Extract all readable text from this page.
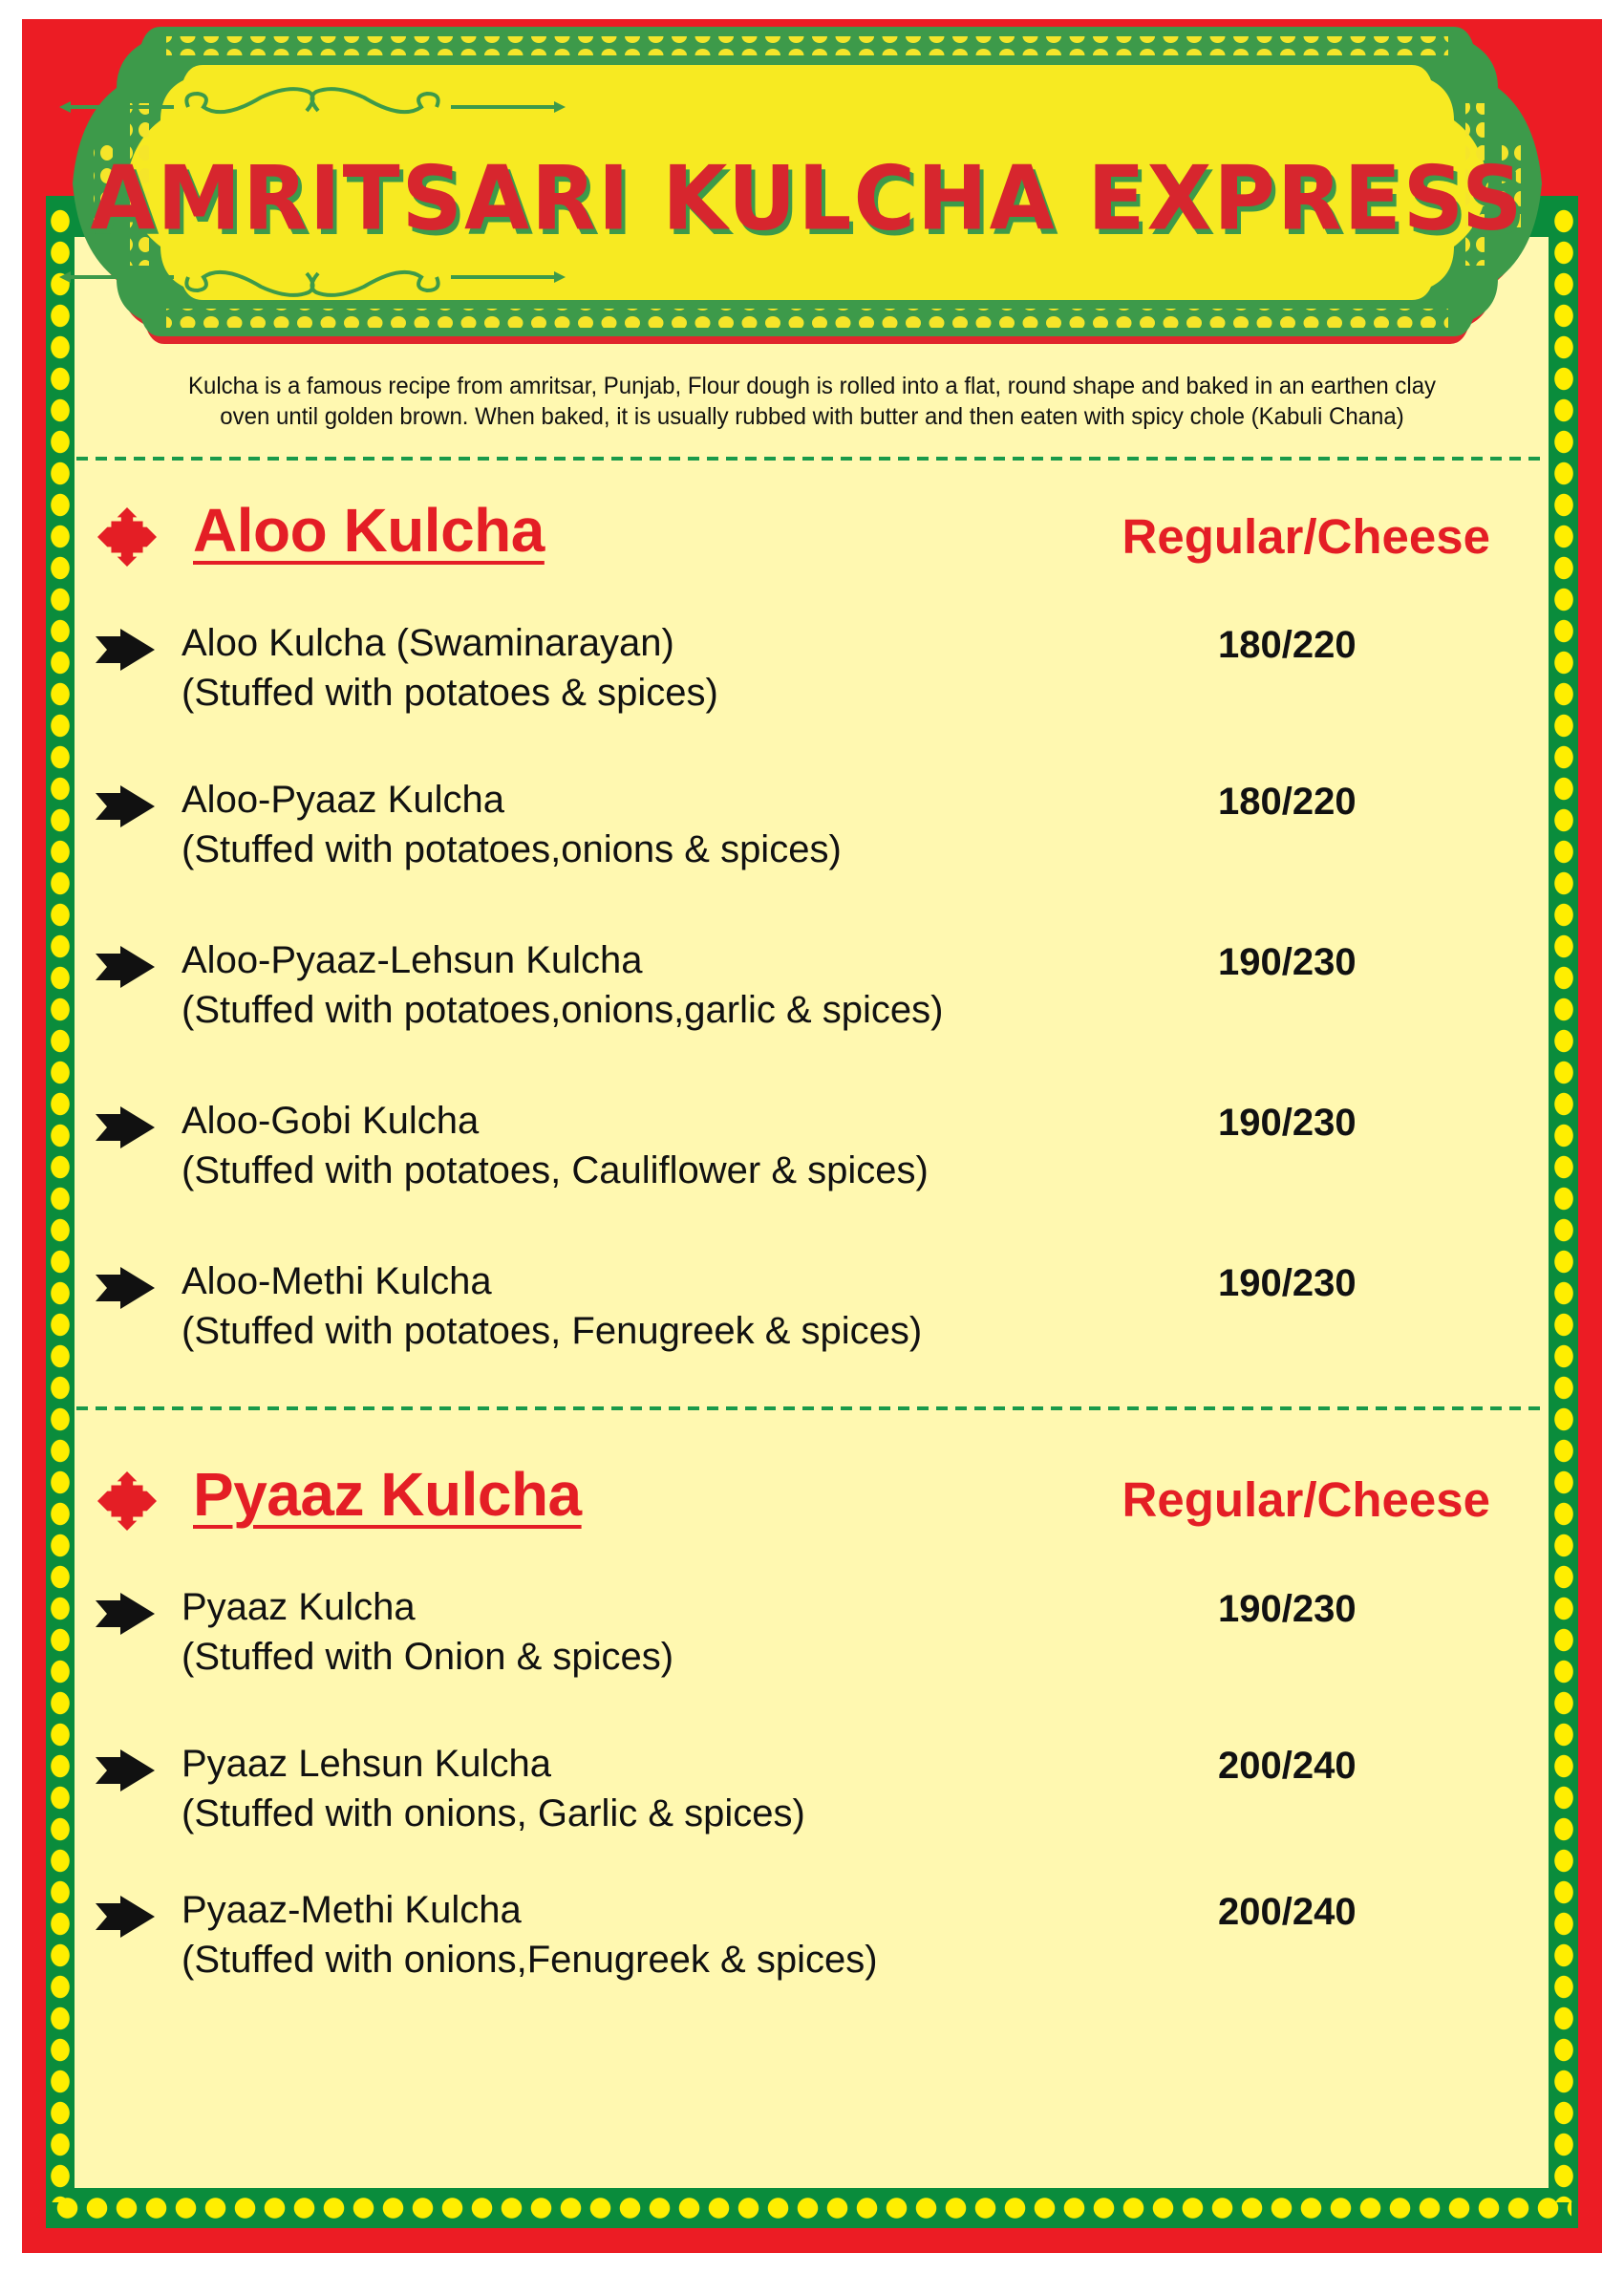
AMRITSARI KULCHA EXPRESS
Kulcha is a famous recipe from amritsar, Punjab, Flour dough is rolled into a flat, round shape and baked in an earthen clay
oven until golden brown. When baked, it is usually rubbed with butter and then eaten with spicy chole (Kabuli Chana)
Aloo Kulcha	Regular/Cheese
Aloo Kulcha (Swaminarayan)
(Stuffed with potatoes & spices)
180/220
Aloo-Pyaaz Kulcha
(Stuffed with potatoes,onions & spices)
180/220
Aloo-Pyaaz-Lehsun Kulcha
(Stuffed with potatoes,onions,garlic & spices)
190/230
Aloo-Gobi Kulcha
(Stuffed with potatoes, Cauliflower & spices)
190/230
Aloo-Methi Kulcha
(Stuffed with potatoes, Fenugreek & spices)
190/230
Pyaaz Kulcha	Regular/Cheese
Pyaaz Kulcha
(Stuffed with Onion & spices)
190/230
Pyaaz Lehsun Kulcha
(Stuffed with onions, Garlic & spices)
200/240
Pyaaz-Methi Kulcha
(Stuffed with onions,Fenugreek & spices)
200/240
